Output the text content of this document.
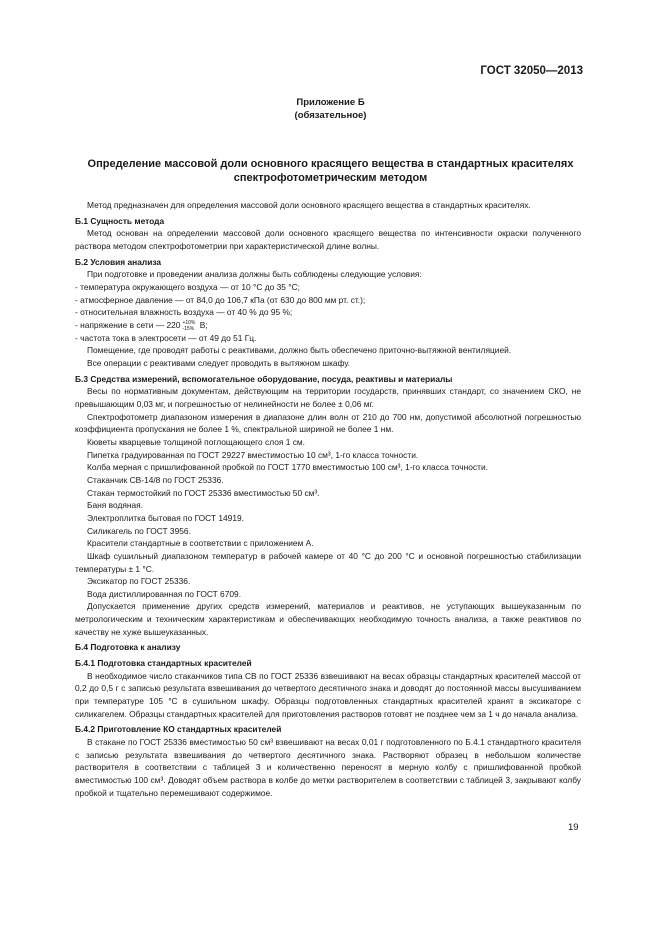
ГОСТ 32050—2013
Приложение Б
(обязательное)
Определение массовой доли основного красящего вещества в стандартных красителях спектрофотометрическим методом

Метод предназначен для определения массовой доли основного красящего вещества в стандартных красителях.

Б.1 Сущность метода

Метод основан на определении массовой доли основного красящего вещества по интенсивности окраски полученного раствора методом спектрофотометрии при характеристической длине волны.

Б.2 Условия анализа

При подготовке и проведении анализа должны быть соблюдены следующие условия:

- температура окружающего воздуха — от 10 °С до 35 °С;

- атмосферное давление — от 84,0 до 106,7 кПа (от 630 до 800 мм рт. ст.);

- относительная влажность воздуха — от 40 % до 95 %;

- напряжение в сети — 220 +10%
-15% В;

- частота тока в электросети — от 49 до 51 Гц.

Помещение, где проводят работы с реактивами, должно быть обеспечено приточно-вытяжной вентиляцией.

Все операции с реактивами следует проводить в вытяжном шкафу.

Б.3 Средства измерений, вспомогательное оборудование, посуда, реактивы и материалы

Весы по нормативным документам, действующим на территории государств, принявших стандарт, со значением СКО, не превышающим 0,03 мг, и погрешностью от нелинейности не более ± 0,06 мг.

Спектрофотометр диапазоном измерения в диапазоне длин волн от 210 до 700 нм, допустимой абсолютной погрешностью коэффициента пропускания не более 1 %, спектральной шириной не более 1 нм.

Кюветы кварцевые толщиной поглощающего слоя 1 см.

Пипетка градуированная по ГОСТ 29227 вместимостью 10 см³, 1-го класса точности.

Колба мерная с пришлифованной пробкой по ГОСТ 1770 вместимостью 100 см³, 1-го класса точности.

Стаканчик СВ-14/8 по ГОСТ 25336.

Стакан термостойкий по ГОСТ 25336 вместимостью 50 см³.

Баня водяная.

Электроплитка бытовая по ГОСТ 14919.

Силикагель по ГОСТ 3956.

Красители стандартные в соответствии с приложением А.

Шкаф сушильный диапазоном температур в рабочей камере от 40 °С до 200 °С и основной погрешностью стабилизации температуры ± 1 °С.

Эксикатор по ГОСТ 25336.

Вода дистиллированная по ГОСТ 6709.

Допускается применение других средств измерений, материалов и реактивов, не уступающих вышеуказанным по метрологическим и техническим характеристикам и обеспечивающих необходимую точность анализа, а также реактивов по качеству не хуже вышеуказанных.

Б.4 Подготовка к анализу

Б.4.1 Подготовка стандартных красителей

В необходимое число стаканчиков типа СВ по ГОСТ 25336 взвешивают на весах образцы стандартных красителей массой от 0,2 до 0,5 г с записью результата взвешивания до четвертого десятичного знака и доводят до постоянной массы высушиванием при температуре 105 °С в сушильном шкафу. Образцы подготовленных стандартных красителей хранят в эксикаторе с силикагелем. Образцы стандартных красителей для приготовления растворов готовят не позднее чем за 1 ч до начала анализа.

Б.4.2 Приготовление КО стандартных красителей

В стакане по ГОСТ 25336 вместимостью 50 см³ взвешивают на весах 0,01 г подготовленного по Б.4.1 стандартного красителя с записью результата взвешивания до четвертого десятичного знака. Растворяют образец в небольшом количестве растворителя в соответствии с таблицей 3 и количественно переносят в мерную колбу с пришлифованной пробкой вместимостью 100 см³. Доводят объем раствора в колбе до метки растворителем в соответствии с таблицей 3, закрывают колбу пробкой и тщательно перемешивают содержимое.

19
